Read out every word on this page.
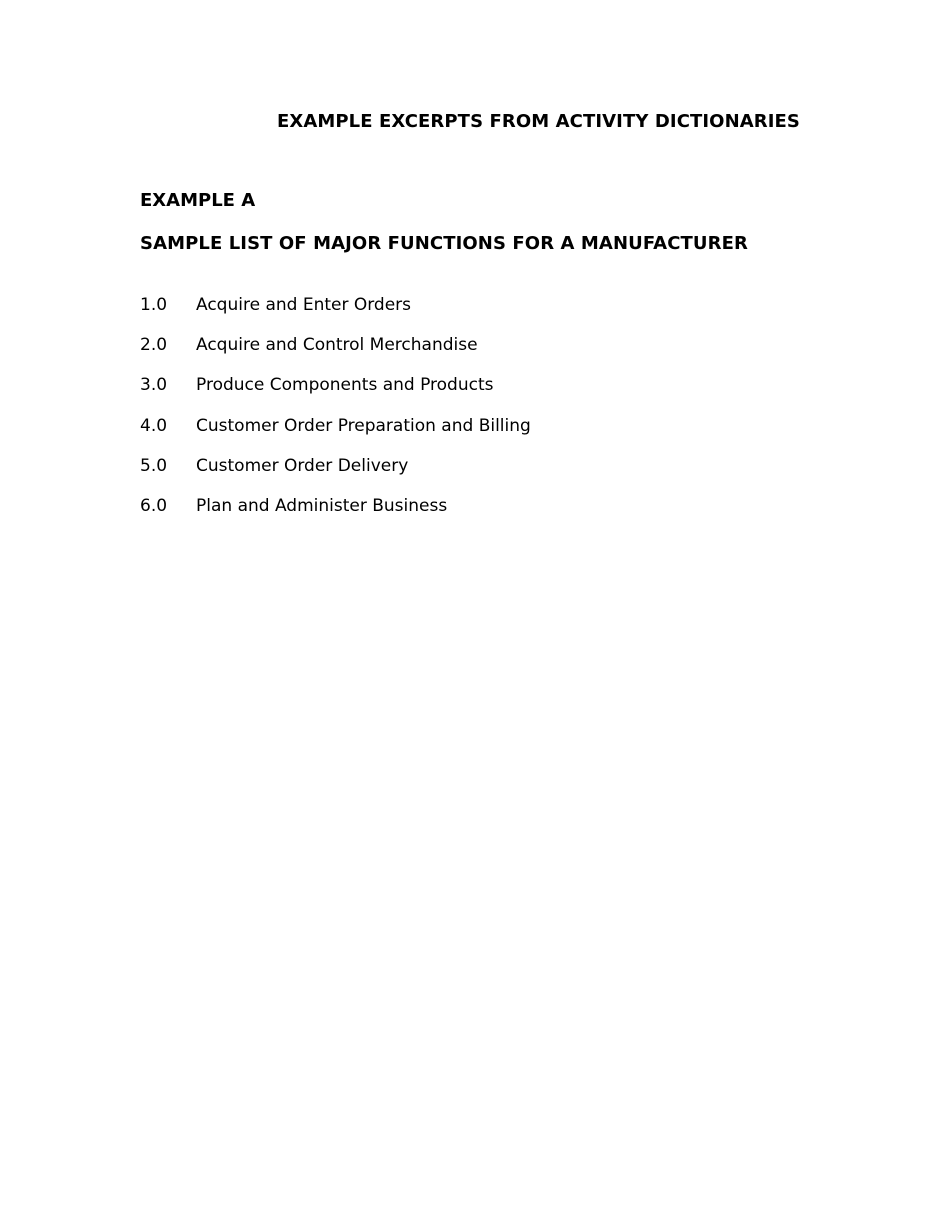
EXAMPLE EXCERPTS FROM ACTIVITY DICTIONARIES
EXAMPLE A
SAMPLE LIST OF MAJOR FUNCTIONS FOR A MANUFACTURER
1.0	Acquire and Enter Orders
2.0	Acquire and Control Merchandise
3.0	Produce Components and Products
4.0	Customer Order Preparation and Billing
5.0	Customer Order Delivery
6.0	Plan and Administer Business
